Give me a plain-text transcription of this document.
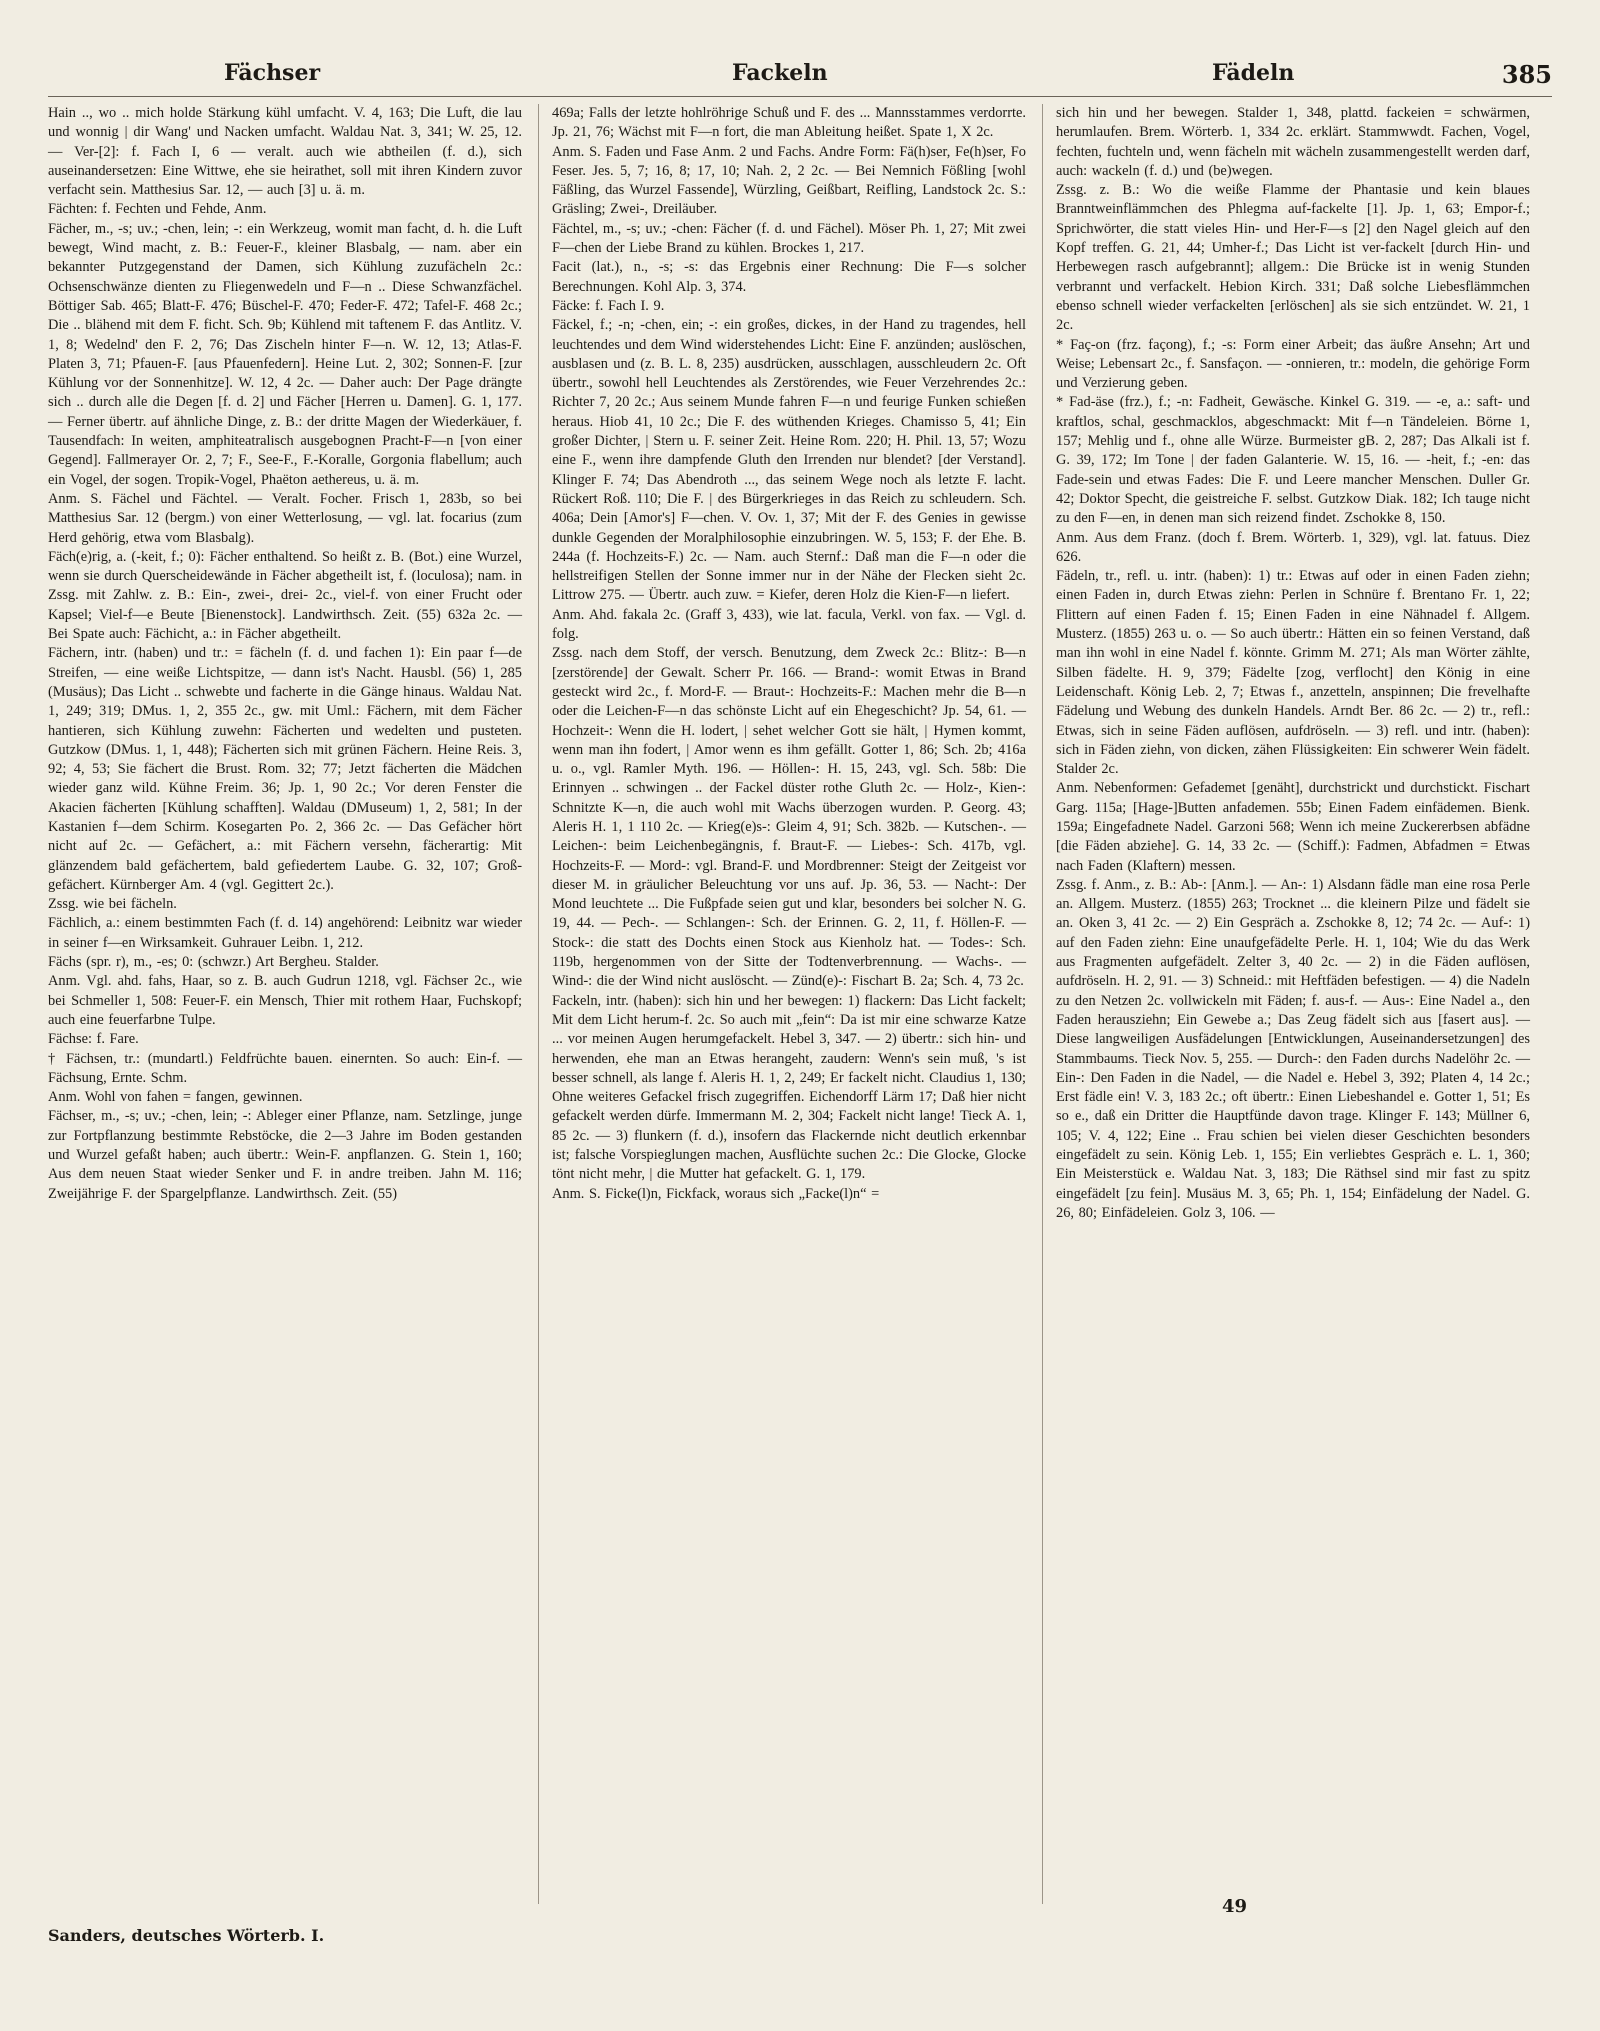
Fächser	Fackeln	Fädeln	385

Hain .., wo .. mich holde Stärkung kühl umfacht. V. 4, 163; Die Luft, die lau und wonnig | dir Wang' und Nacken umfacht. Waldau Nat. 3, 341; W. 25, 12. — Ver-[2]: f. Fach I, 6 — veralt. auch wie abtheilen (f. d.), sich auseinandersetzen: Eine Wittwe, ehe sie heirathet, soll mit ihren Kindern zuvor verfacht sein. Matthesius Sar. 12, — auch [3] u. ä. m.

Fächten: f. Fechten und Fehde, Anm.

Fächer, m., -s; uv.; -chen, lein; -: ein Werkzeug, womit man facht, d. h. die Luft bewegt, Wind macht, z. B.: Feuer-F., kleiner Blasbalg, — nam. aber ein bekannter Putzgegenstand der Damen, sich Kühlung zuzufächeln 2c.: Ochsenschwänze dienten zu Fliegenwedeln und F—n .. Diese Schwanzfächel. Böttiger Sab. 465; Blatt-F. 476; Büschel-F. 470; Feder-F. 472; Tafel-F. 468 2c.; Die .. blähend mit dem F. ficht. Sch. 9b; Kühlend mit taftenem F. das Antlitz. V. 1, 8; Wedelnd' den F. 2, 76; Das Zischeln hinter F—n. W. 12, 13; Atlas-F. Platen 3, 71; Pfauen-F. [aus Pfauenfedern]. Heine Lut. 2, 302; Sonnen-F. [zur Kühlung vor der Sonnenhitze]. W. 12, 4 2c. — Daher auch: Der Page drängte sich .. durch alle die Degen [f. d. 2] und Fächer [Herren u. Damen]. G. 1, 177. — Ferner übertr. auf ähnliche Dinge, z. B.: der dritte Magen der Wiederkäuer, f. Tausendfach: In weiten, amphiteatralisch ausgebognen Pracht-F—n [von einer Gegend]. Fallmerayer Or. 2, 7; F., See-F., F.-Koralle, Gorgonia flabellum; auch ein Vogel, der sogen. Tropik-Vogel, Phaëton aethereus, u. ä. m.

Anm. S. Fächel und Fächtel. — Veralt. Focher. Frisch 1, 283b, so bei Matthesius Sar. 12 (bergm.) von einer Wetterlosung, — vgl. lat. focarius (zum Herd gehörig, etwa vom Blasbalg).

Fäch(e)rig, a. (-keit, f.; 0): Fächer enthaltend. So heißt z. B. (Bot.) eine Wurzel, wenn sie durch Querscheidewände in Fächer abgetheilt ist, f. (loculosa); nam. in Zssg. mit Zahlw. z. B.: Ein-, zwei-, drei- 2c., viel-f. von einer Frucht oder Kapsel; Viel-f—e Beute [Bienenstock]. Landwirthsch. Zeit. (55) 632a 2c. — Bei Spate auch: Fächicht, a.: in Fächer abgetheilt.

Fächern, intr. (haben) und tr.: = fächeln (f. d. und fachen 1): Ein paar f—de Streifen, — eine weiße Lichtspitze, — dann ist's Nacht. Hausbl. (56) 1, 285 (Musäus); Das Licht .. schwebte und facherte in die Gänge hinaus. Waldau Nat. 1, 249; 319; DMus. 1, 2, 355 2c., gw. mit Uml.: Fächern, mit dem Fächer hantieren, sich Kühlung zuwehn: Fächerten und wedelten und pusteten. Gutzkow (DMus. 1, 1, 448); Fächerten sich mit grünen Fächern. Heine Reis. 3, 92; 4, 53; Sie fächert die Brust. Rom. 32; 77; Jetzt fächerten die Mädchen wieder ganz wild. Kühne Freim. 36; Jp. 1, 90 2c.; Vor deren Fenster die Akacien fächerten [Kühlung schafften]. Waldau (DMuseum) 1, 2, 581; In der Kastanien f—dem Schirm. Kosegarten Po. 2, 366 2c. — Das Gefächer hört nicht auf 2c. — Gefächert, a.: mit Fächern versehn, fächerartig: Mit glänzendem bald gefächertem, bald gefiedertem Laube. G. 32, 107; Groß-gefächert. Kürnberger Am. 4 (vgl. Gegittert 2c.).

Zssg. wie bei fächeln.

Fächlich, a.: einem bestimmten Fach (f. d. 14) angehörend: Leibnitz war wieder in seiner f—en Wirksamkeit. Guhrauer Leibn. 1, 212.

Fächs (spr. r), m., -es; 0: (schwzr.) Art Bergheu. Stalder.

Anm. Vgl. ahd. fahs, Haar, so z. B. auch Gudrun 1218, vgl. Fächser 2c., wie bei Schmeller 1, 508: Feuer-F. ein Mensch, Thier mit rothem Haar, Fuchskopf; auch eine feuerfarbne Tulpe.

Fächse: f. Fare.

† Fächsen, tr.: (mundartl.) Feldfrüchte bauen. einernten. So auch: Ein-f. — Fächsung, Ernte. Schm.

Anm. Wohl von fahen = fangen, gewinnen.

Fächser, m., -s; uv.; -chen, lein; -: Ableger einer Pflanze, nam. Setzlinge, junge zur Fortpflanzung bestimmte Rebstöcke, die 2—3 Jahre im Boden gestanden und Wurzel gefaßt haben; auch übertr.: Wein-F. anpflanzen. G. Stein 1, 160; Aus dem neuen Staat wieder Senker und F. in andre treiben. Jahn M. 116; Zweijährige F. der Spargelpflanze. Landwirthsch. Zeit. (55)

469a; Falls der letzte hohlröhrige Schuß und F. des ... Mannsstammes verdorrte. Jp. 21, 76; Wächst mit F—n fort, die man Ableitung heißet. Spate 1, X 2c.

Anm. S. Faden und Fase Anm. 2 und Fachs. Andre Form: Fä(h)ser, Fe(h)ser, Fo Feser. Jes. 5, 7; 16, 8; 17, 10; Nah. 2, 2 2c. — Bei Nemnich Fößling [wohl Fäßling, das Wurzel Fassende], Würzling, Geißbart, Reifling, Landstock 2c. S.: Gräsling; Zwei-, Dreiläuber.

Fächtel, m., -s; uv.; -chen: Fächer (f. d. und Fächel). Möser Ph. 1, 27; Mit zwei F—chen der Liebe Brand zu kühlen. Brockes 1, 217.

Facit (lat.), n., -s; -s: das Ergebnis einer Rechnung: Die F—s solcher Berechnungen. Kohl Alp. 3, 374.

Fäcke: f. Fach I. 9.

Fäckel, f.; -n; -chen, ein; -: ein großes, dickes, in der Hand zu tragendes, hell leuchtendes und dem Wind widerstehendes Licht: Eine F. anzünden; auslöschen, ausblasen und (z. B. L. 8, 235) ausdrücken, ausschlagen, ausschleudern 2c. Oft übertr., sowohl hell Leuchtendes als Zerstörendes, wie Feuer Verzehrendes 2c.: Richter 7, 20 2c.; Aus seinem Munde fahren F—n und feurige Funken schießen heraus. Hiob 41, 10 2c.; Die F. des wüthenden Krieges. Chamisso 5, 41; Ein großer Dichter, | Stern u. F. seiner Zeit. Heine Rom. 220; H. Phil. 13, 57; Wozu eine F., wenn ihre dampfende Gluth den Irrenden nur blendet? [der Verstand]. Klinger F. 74; Das Abendroth ..., das seinem Wege noch als letzte F. lacht. Rückert Roß. 110; Die F. | des Bürgerkrieges in das Reich zu schleudern. Sch. 406a; Dein [Amor's] F—chen. V. Ov. 1, 37; Mit der F. des Genies in gewisse dunkle Gegenden der Moralphilosophie einzubringen. W. 5, 153; F. der Ehe. B. 244a (f. Hochzeits-F.) 2c. — Nam. auch Sternf.: Daß man die F—n oder die hellstreifigen Stellen der Sonne immer nur in der Nähe der Flecken sieht 2c. Littrow 275. — Übertr. auch zuw. = Kiefer, deren Holz die Kien-F—n liefert.

Anm. Ahd. fakala 2c. (Graff 3, 433), wie lat. facula, Verkl. von fax. — Vgl. d. folg.

Zssg. nach dem Stoff, der versch. Benutzung, dem Zweck 2c.: Blitz-: B—n [zerstörende] der Gewalt. Scherr Pr. 166. — Brand-: womit Etwas in Brand gesteckt wird 2c., f. Mord-F. — Braut-: Hochzeits-F.: Machen mehr die B—n oder die Leichen-F—n das schönste Licht auf ein Ehegeschicht? Jp. 54, 61. — Hochzeit-: Wenn die H. lodert, | sehet welcher Gott sie hält, | Hymen kommt, wenn man ihn fodert, | Amor wenn es ihm gefällt. Gotter 1, 86; Sch. 2b; 416a u. o., vgl. Ramler Myth. 196. — Höllen-: H. 15, 243, vgl. Sch. 58b: Die Erinnyen .. schwingen .. der Fackel düster rothe Gluth 2c. — Holz-, Kien-: Schnitzte K—n, die auch wohl mit Wachs überzogen wurden. P. Georg. 43; Aleris H. 1, 1 110 2c. — Krieg(e)s-: Gleim 4, 91; Sch. 382b. — Kutschen-. — Leichen-: beim Leichenbegängnis, f. Braut-F. — Liebes-: Sch. 417b, vgl. Hochzeits-F. — Mord-: vgl. Brand-F. und Mordbrenner: Steigt der Zeitgeist vor dieser M. in gräulicher Beleuchtung vor uns auf. Jp. 36, 53. — Nacht-: Der Mond leuchtete ... Die Fußpfade seien gut und klar, besonders bei solcher N. G. 19, 44. — Pech-. — Schlangen-: Sch. der Erinnen. G. 2, 11, f. Höllen-F. — Stock-: die statt des Dochts einen Stock aus Kienholz hat. — Todes-: Sch. 119b, hergenommen von der Sitte der Todtenverbrennung. — Wachs-. — Wind-: die der Wind nicht auslöscht. — Zünd(e)-: Fischart B. 2a; Sch. 4, 73 2c.

Fackeln, intr. (haben): sich hin und her bewegen: 1) flackern: Das Licht fackelt; Mit dem Licht herum-f. 2c. So auch mit „fein“: Da ist mir eine schwarze Katze ... vor meinen Augen herumgefackelt. Hebel 3, 347. — 2) übertr.: sich hin- und herwenden, ehe man an Etwas herangeht, zaudern: Wenn's sein muß, 's ist besser schnell, als lange f. Aleris H. 1, 2, 249; Er fackelt nicht. Claudius 1, 130; Ohne weiteres Gefackel frisch zugegriffen. Eichendorff Lärm 17; Daß hier nicht gefackelt werden dürfe. Immermann M. 2, 304; Fackelt nicht lange! Tieck A. 1, 85 2c. — 3) flunkern (f. d.), insofern das Flackernde nicht deutlich erkennbar ist; falsche Vorspieglungen machen, Ausflüchte suchen 2c.: Die Glocke, Glocke tönt nicht mehr, | die Mutter hat gefackelt. G. 1, 179.

Anm. S. Ficke(l)n, Fickfack, woraus sich „Facke(l)n“ =

sich hin und her bewegen. Stalder 1, 348, plattd. fackeien = schwärmen, herumlaufen. Brem. Wörterb. 1, 334 2c. erklärt. Stammwwdt. Fachen, Vogel, fechten, fuchteln und, wenn fächeln mit wächeln zusammengestellt werden darf, auch: wackeln (f. d.) und (be)wegen.

Zssg. z. B.: Wo die weiße Flamme der Phantasie und kein blaues Branntweinflämmchen des Phlegma auf-fackelte [1]. Jp. 1, 63; Empor-f.; Sprichwörter, die statt vieles Hin- und Her-F—s [2] den Nagel gleich auf den Kopf treffen. G. 21, 44; Umher-f.; Das Licht ist ver-fackelt [durch Hin- und Herbewegen rasch aufgebrannt]; allgem.: Die Brücke ist in wenig Stunden verbrannt und verfackelt. Hebion Kirch. 331; Daß solche Liebesflämmchen ebenso schnell wieder verfackelten [erlöschen] als sie sich entzündet. W. 21, 1 2c.

* Faç-on (frz. façong), f.; -s: Form einer Arbeit; das äußre Ansehn; Art und Weise; Lebensart 2c., f. Sansfaçon. — -onnieren, tr.: modeln, die gehörige Form und Verzierung geben.

* Fad-äse (frz.), f.; -n: Fadheit, Gewäsche. Kinkel G. 319. — -e, a.: saft- und kraftlos, schal, geschmacklos, abgeschmackt: Mit f—n Tändeleien. Börne 1, 157; Mehlig und f., ohne alle Würze. Burmeister gB. 2, 287; Das Alkali ist f. G. 39, 172; Im Tone | der faden Galanterie. W. 15, 16. — -heit, f.; -en: das Fade-sein und etwas Fades: Die F. und Leere mancher Menschen. Duller Gr. 42; Doktor Specht, die geistreiche F. selbst. Gutzkow Diak. 182; Ich tauge nicht zu den F—en, in denen man sich reizend findet. Zschokke 8, 150.

Anm. Aus dem Franz. (doch f. Brem. Wörterb. 1, 329), vgl. lat. fatuus. Diez 626.

Fädeln, tr., refl. u. intr. (haben): 1) tr.: Etwas auf oder in einen Faden ziehn; einen Faden in, durch Etwas ziehn: Perlen in Schnüre f. Brentano Fr. 1, 22; Flittern auf einen Faden f. 15; Einen Faden in eine Nähnadel f. Allgem. Musterz. (1855) 263 u. o. — So auch übertr.: Hätten ein so feinen Verstand, daß man ihn wohl in eine Nadel f. könnte. Grimm M. 271; Als man Wörter zählte, Silben fädelte. H. 9, 379; Fädelte [zog, verflocht] den König in eine Leidenschaft. König Leb. 2, 7; Etwas f., anzetteln, anspinnen; Die frevelhafte Fädelung und Webung des dunkeln Handels. Arndt Ber. 86 2c. — 2) tr., refl.: Etwas, sich in seine Fäden auflösen, aufdröseln. — 3) refl. und intr. (haben): sich in Fäden ziehn, von dicken, zähen Flüssigkeiten: Ein schwerer Wein fädelt. Stalder 2c.

Anm. Nebenformen: Gefademet [genäht], durchstrickt und durchstickt. Fischart Garg. 115a; [Hage-]Butten anfademen. 55b; Einen Fadem einfädemen. Bienk. 159a; Eingefadnete Nadel. Garzoni 568; Wenn ich meine Zuckererbsen abfädne [die Fäden abziehe]. G. 14, 33 2c. — (Schiff.): Fadmen, Abfadmen = Etwas nach Faden (Klaftern) messen.

Zssg. f. Anm., z. B.: Ab-: [Anm.]. — An-: 1) Alsdann fädle man eine rosa Perle an. Allgem. Musterz. (1855) 263; Trocknet ... die kleinern Pilze und fädelt sie an. Oken 3, 41 2c. — 2) Ein Gespräch a. Zschokke 8, 12; 74 2c. — Auf-: 1) auf den Faden ziehn: Eine unaufgefädelte Perle. H. 1, 104; Wie du das Werk aus Fragmenten aufgefädelt. Zelter 3, 40 2c. — 2) in die Fäden auflösen, aufdröseln. H. 2, 91. — 3) Schneid.: mit Heftfäden befestigen. — 4) die Nadeln zu den Netzen 2c. vollwickeln mit Fäden; f. aus-f. — Aus-: Eine Nadel a., den Faden herausziehn; Ein Gewebe a.; Das Zeug fädelt sich aus [fasert aus]. — Diese langweiligen Ausfädelungen [Entwicklungen, Auseinandersetzungen] des Stammbaums. Tieck Nov. 5, 255. — Durch-: den Faden durchs Nadelöhr 2c. — Ein-: Den Faden in die Nadel, — die Nadel e. Hebel 3, 392; Platen 4, 14 2c.; Erst fädle ein! V. 3, 183 2c.; oft übertr.: Einen Liebeshandel e. Gotter 1, 51; Es so e., daß ein Dritter die Hauptfünde davon trage. Klinger F. 143; Müllner 6, 105; V. 4, 122; Eine .. Frau schien bei vielen dieser Geschichten besonders eingefädelt zu sein. König Leb. 1, 155; Ein verliebtes Gespräch e. L. 1, 360; Ein Meisterstück e. Waldau Nat. 3, 183; Die Räthsel sind mir fast zu spitz eingefädelt [zu fein]. Musäus M. 3, 65; Ph. 1, 154; Einfädelung der Nadel. G. 26, 80; Einfädeleien. Golz 3, 106. —

49
Sanders, deutsches Wörterb. I.
